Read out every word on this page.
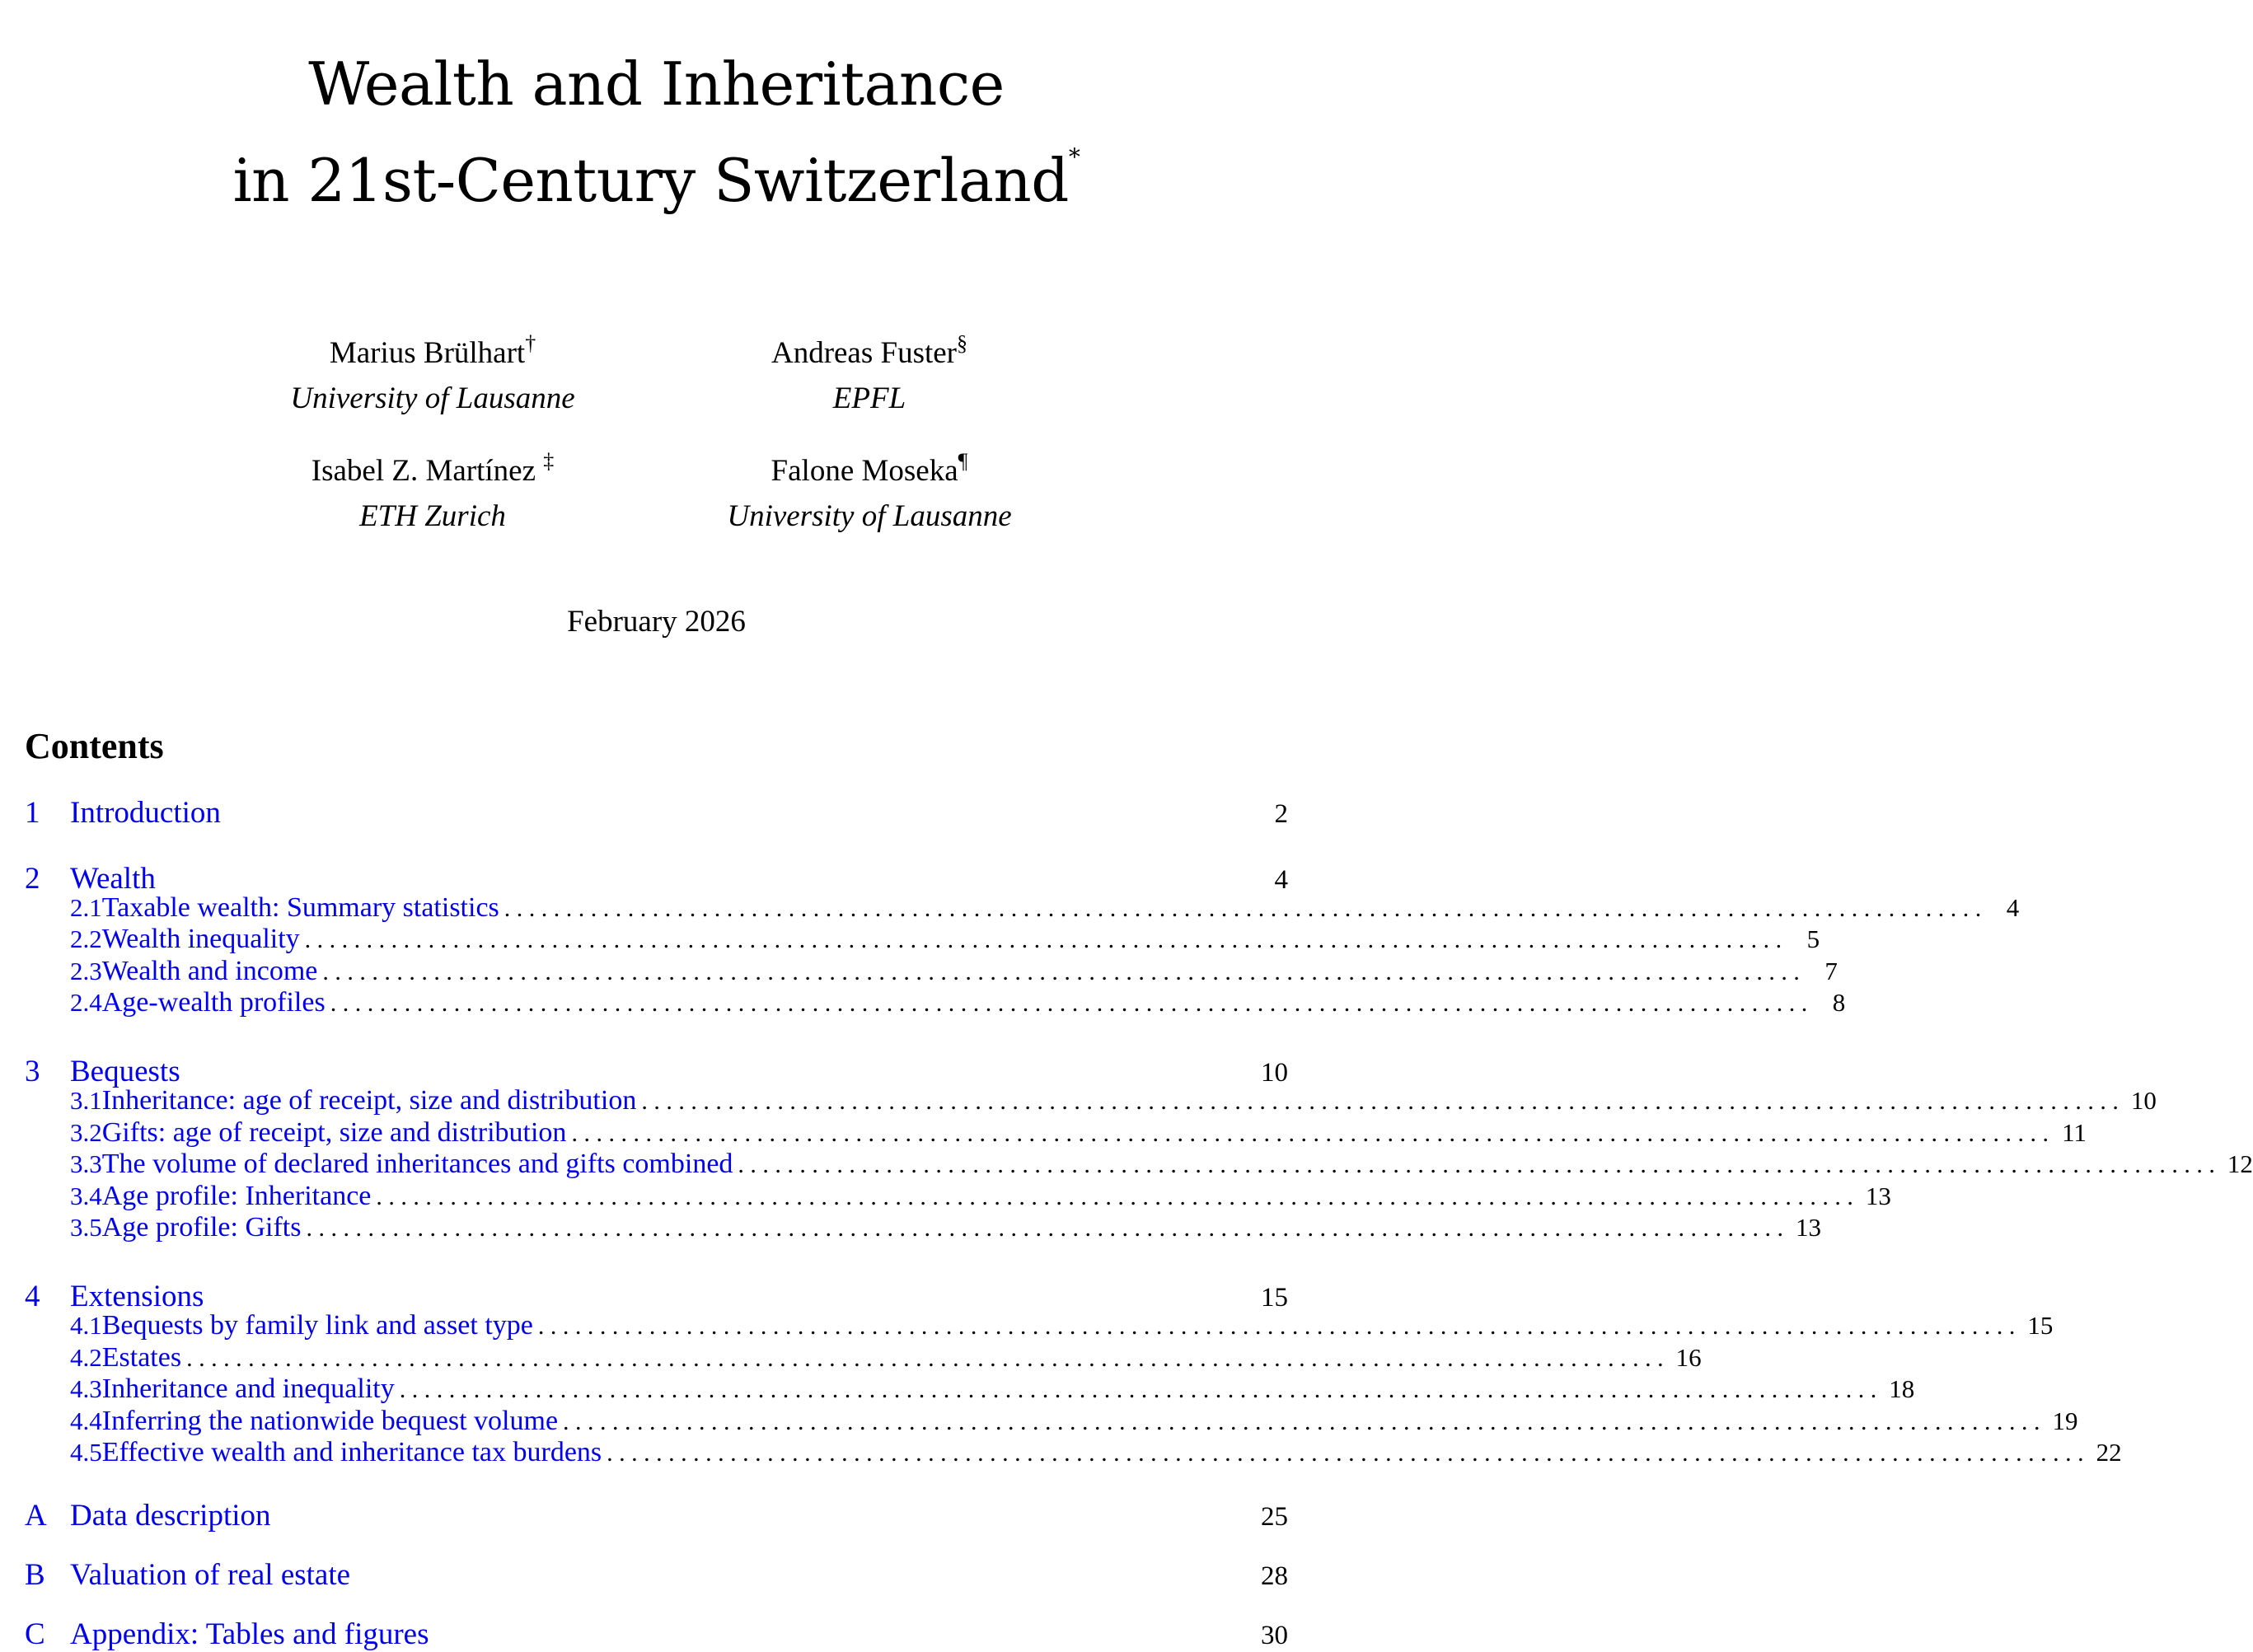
Wealth and Inheritance
in 21st-Century Switzerland*
Marius Brülhart†
University of Lausanne
Andreas Fuster§
EPFL
Isabel Z. Martínez ‡
ETH Zurich
Falone Moseka¶
University of Lausanne
February 2026
Contents
1 Introduction	2
2 Wealth	4
2.1 Taxable wealth: Summary statistics . . . . . . . . . . . . . . . . . . . . . . . . . . . . . . . . . . . . . . . . . . . . . . . . . . . . . . . . . . . . . . . . . . . . . . . . . . . . . . . . . . . . . . . . . . . . . . . . . . . . . . . . . . . . . . . . . . . . . . . . 4
2.2 Wealth inequality . . . . . . . . . . . . . . . . . . . . . . . . . . . . . . . . . . . . . . . . . . . . . . . . . . . . . . . . . . . . . . . . . . . . . . . . . . . . . . . . . . . . . . . . . . . . . . . . . . . . . . . . . . . . . . . . . . . . . . . . 5
2.3 Wealth and income . . . . . . . . . . . . . . . . . . . . . . . . . . . . . . . . . . . . . . . . . . . . . . . . . . . . . . . . . . . . . . . . . . . . . . . . . . . . . . . . . . . . . . . . . . . . . . . . . . . . . . . . . . . . . . . . . . . . . . . . 7
2.4 Age-wealth profiles . . . . . . . . . . . . . . . . . . . . . . . . . . . . . . . . . . . . . . . . . . . . . . . . . . . . . . . . . . . . . . . . . . . . . . . . . . . . . . . . . . . . . . . . . . . . . . . . . . . . . . . . . . . . . . . . . . . . . . . . 8
3 Bequests	10
3.1 Inheritance: age of receipt, size and distribution . . . . . . . . . . . . . . . . . . . . . . . . . . . . . . . . . . . . . . . . . . . . . . . . . . . . . . . . . . . . . . . . . . . . . . . . . . . . . . . . . . . . . . . . . . . . . . . . . . . . . . . . . . . . . . . . . . . . . . . . 10
3.2 Gifts: age of receipt, size and distribution . . . . . . . . . . . . . . . . . . . . . . . . . . . . . . . . . . . . . . . . . . . . . . . . . . . . . . . . . . . . . . . . . . . . . . . . . . . . . . . . . . . . . . . . . . . . . . . . . . . . . . . . . . . . . . . . . . . . . . . . 11
3.3 The volume of declared inheritances and gifts combined . . . . . . . . . . . . . . . . . . . . . . . . . . . . . . . . . . . . . . . . . . . . . . . . . . . . . . . . . . . . . . . . . . . . . . . . . . . . . . . . . . . . . . . . . . . . . . . . . . . . . . . . . . . . . . . . . . . . . . . . 12
3.4 Age profile: Inheritance . . . . . . . . . . . . . . . . . . . . . . . . . . . . . . . . . . . . . . . . . . . . . . . . . . . . . . . . . . . . . . . . . . . . . . . . . . . . . . . . . . . . . . . . . . . . . . . . . . . . . . . . . . . . . . . . . . . . . . . . 13
3.5 Age profile: Gifts . . . . . . . . . . . . . . . . . . . . . . . . . . . . . . . . . . . . . . . . . . . . . . . . . . . . . . . . . . . . . . . . . . . . . . . . . . . . . . . . . . . . . . . . . . . . . . . . . . . . . . . . . . . . . . . . . . . . . . . . 13
4 Extensions	15
4.1 Bequests by family link and asset type . . . . . . . . . . . . . . . . . . . . . . . . . . . . . . . . . . . . . . . . . . . . . . . . . . . . . . . . . . . . . . . . . . . . . . . . . . . . . . . . . . . . . . . . . . . . . . . . . . . . . . . . . . . . . . . . . . . . . . . . 15
4.2 Estates . . . . . . . . . . . . . . . . . . . . . . . . . . . . . . . . . . . . . . . . . . . . . . . . . . . . . . . . . . . . . . . . . . . . . . . . . . . . . . . . . . . . . . . . . . . . . . . . . . . . . . . . . . . . . . . . . . . . . . . . 16
4.3 Inheritance and inequality . . . . . . . . . . . . . . . . . . . . . . . . . . . . . . . . . . . . . . . . . . . . . . . . . . . . . . . . . . . . . . . . . . . . . . . . . . . . . . . . . . . . . . . . . . . . . . . . . . . . . . . . . . . . . . . . . . . . . . . . 18
4.4 Inferring the nationwide bequest volume . . . . . . . . . . . . . . . . . . . . . . . . . . . . . . . . . . . . . . . . . . . . . . . . . . . . . . . . . . . . . . . . . . . . . . . . . . . . . . . . . . . . . . . . . . . . . . . . . . . . . . . . . . . . . . . . . . . . . . . . 19
4.5 Effective wealth and inheritance tax burdens . . . . . . . . . . . . . . . . . . . . . . . . . . . . . . . . . . . . . . . . . . . . . . . . . . . . . . . . . . . . . . . . . . . . . . . . . . . . . . . . . . . . . . . . . . . . . . . . . . . . . . . . . . . . . . . . . . . . . . . . 22
A Data description	25
B Valuation of real estate	28
C Appendix: Tables and figures	30
